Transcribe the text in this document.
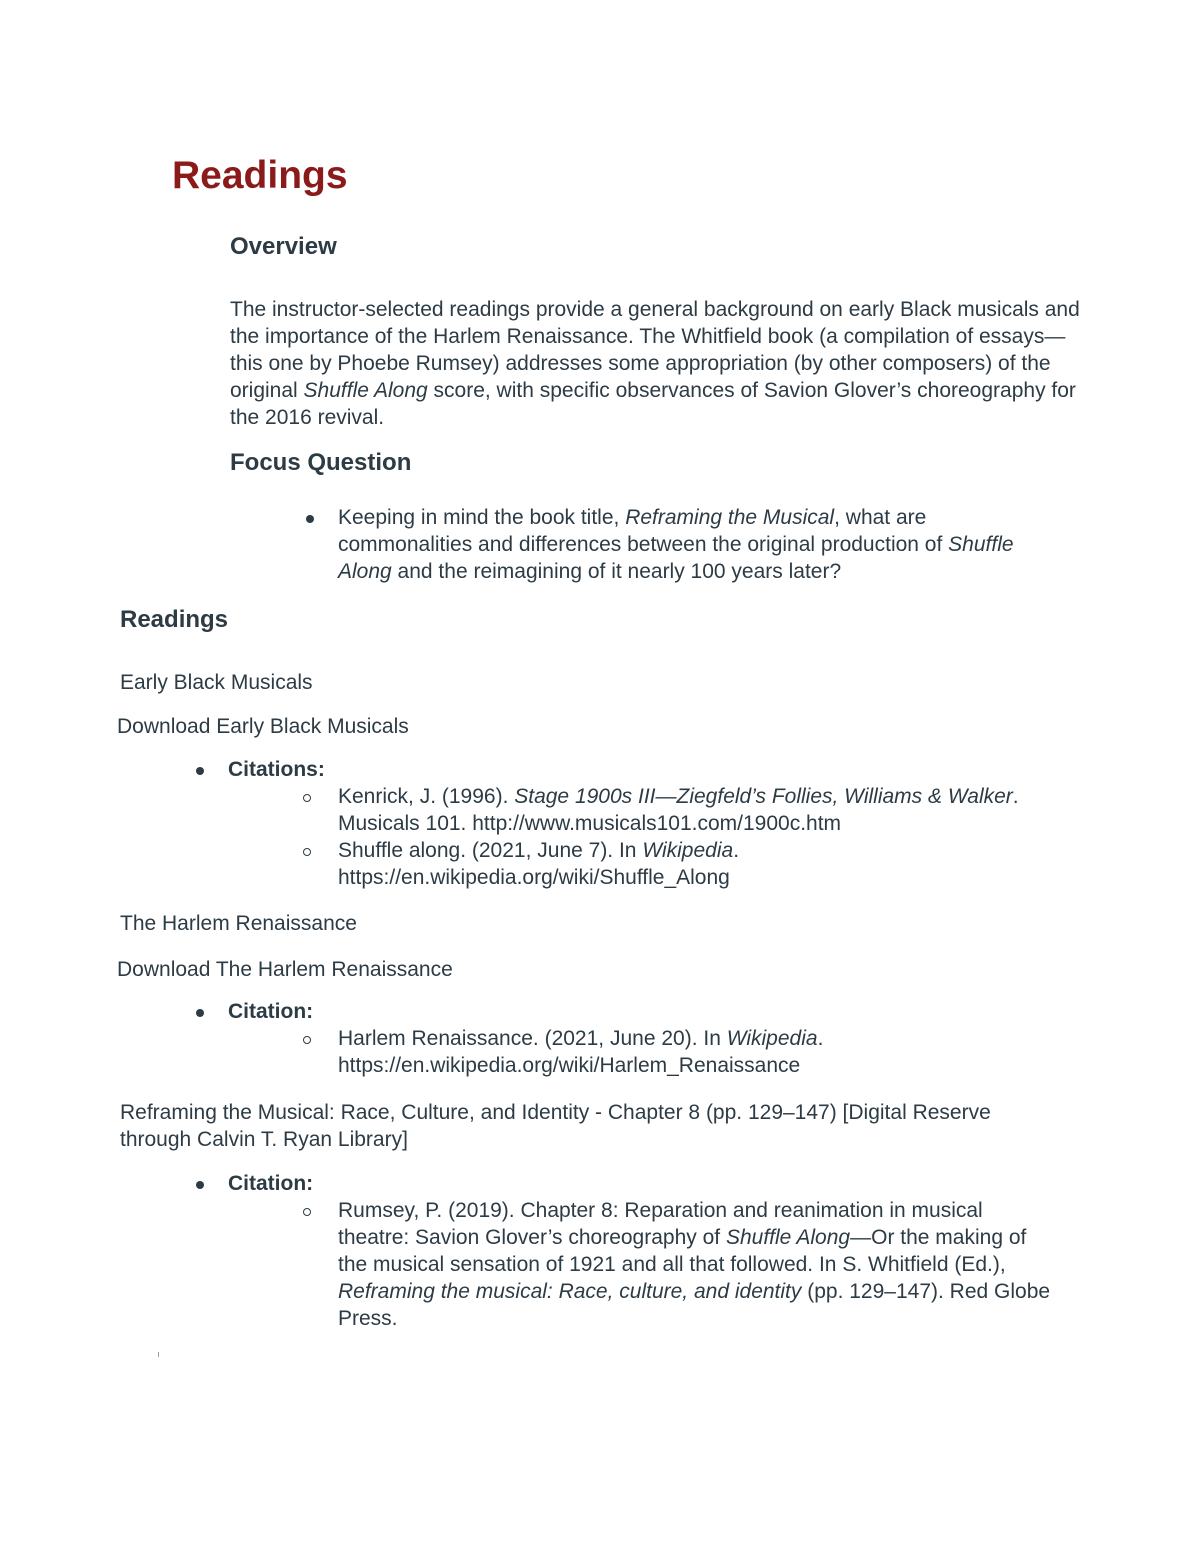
Readings
Overview

The instructor-selected readings provide a general background on early Black musicals and the importance of the Harlem Renaissance. The Whitfield book (a compilation of essays—this one by Phoebe Rumsey) addresses some appropriation (by other composers) of the original Shuffle Along score, with specific observances of Savion Glover’s choreography for the 2016 revival.

Focus Question

Keeping in mind the book title, Reframing the Musical, what are commonalities and differences between the original production of Shuffle Along and the reimagining of it nearly 100 years later?

Readings

Early Black Musicals

Download Early Black Musicals

Citations:

Kenrick, J. (1996). Stage 1900s III—Ziegfeld’s Follies, Williams & Walker. Musicals 101. http://www.musicals101.com/1900c.htm

Shuffle along. (2021, June 7). In Wikipedia. https://en.wikipedia.org/wiki/Shuffle_Along

The Harlem Renaissance

Download The Harlem Renaissance

Citation:

Harlem Renaissance. (2021, June 20). In Wikipedia. https://en.wikipedia.org/wiki/Harlem_Renaissance

Reframing the Musical: Race, Culture, and Identity - Chapter 8 (pp. 129–147) [Digital Reserve through Calvin T. Ryan Library]

Citation:

Rumsey, P. (2019). Chapter 8: Reparation and reanimation in musical theatre: Savion Glover’s choreography of Shuffle Along—Or the making of the musical sensation of 1921 and all that followed. In S. Whitfield (Ed.), Reframing the musical: Race, culture, and identity (pp. 129–147). Red Globe Press.
